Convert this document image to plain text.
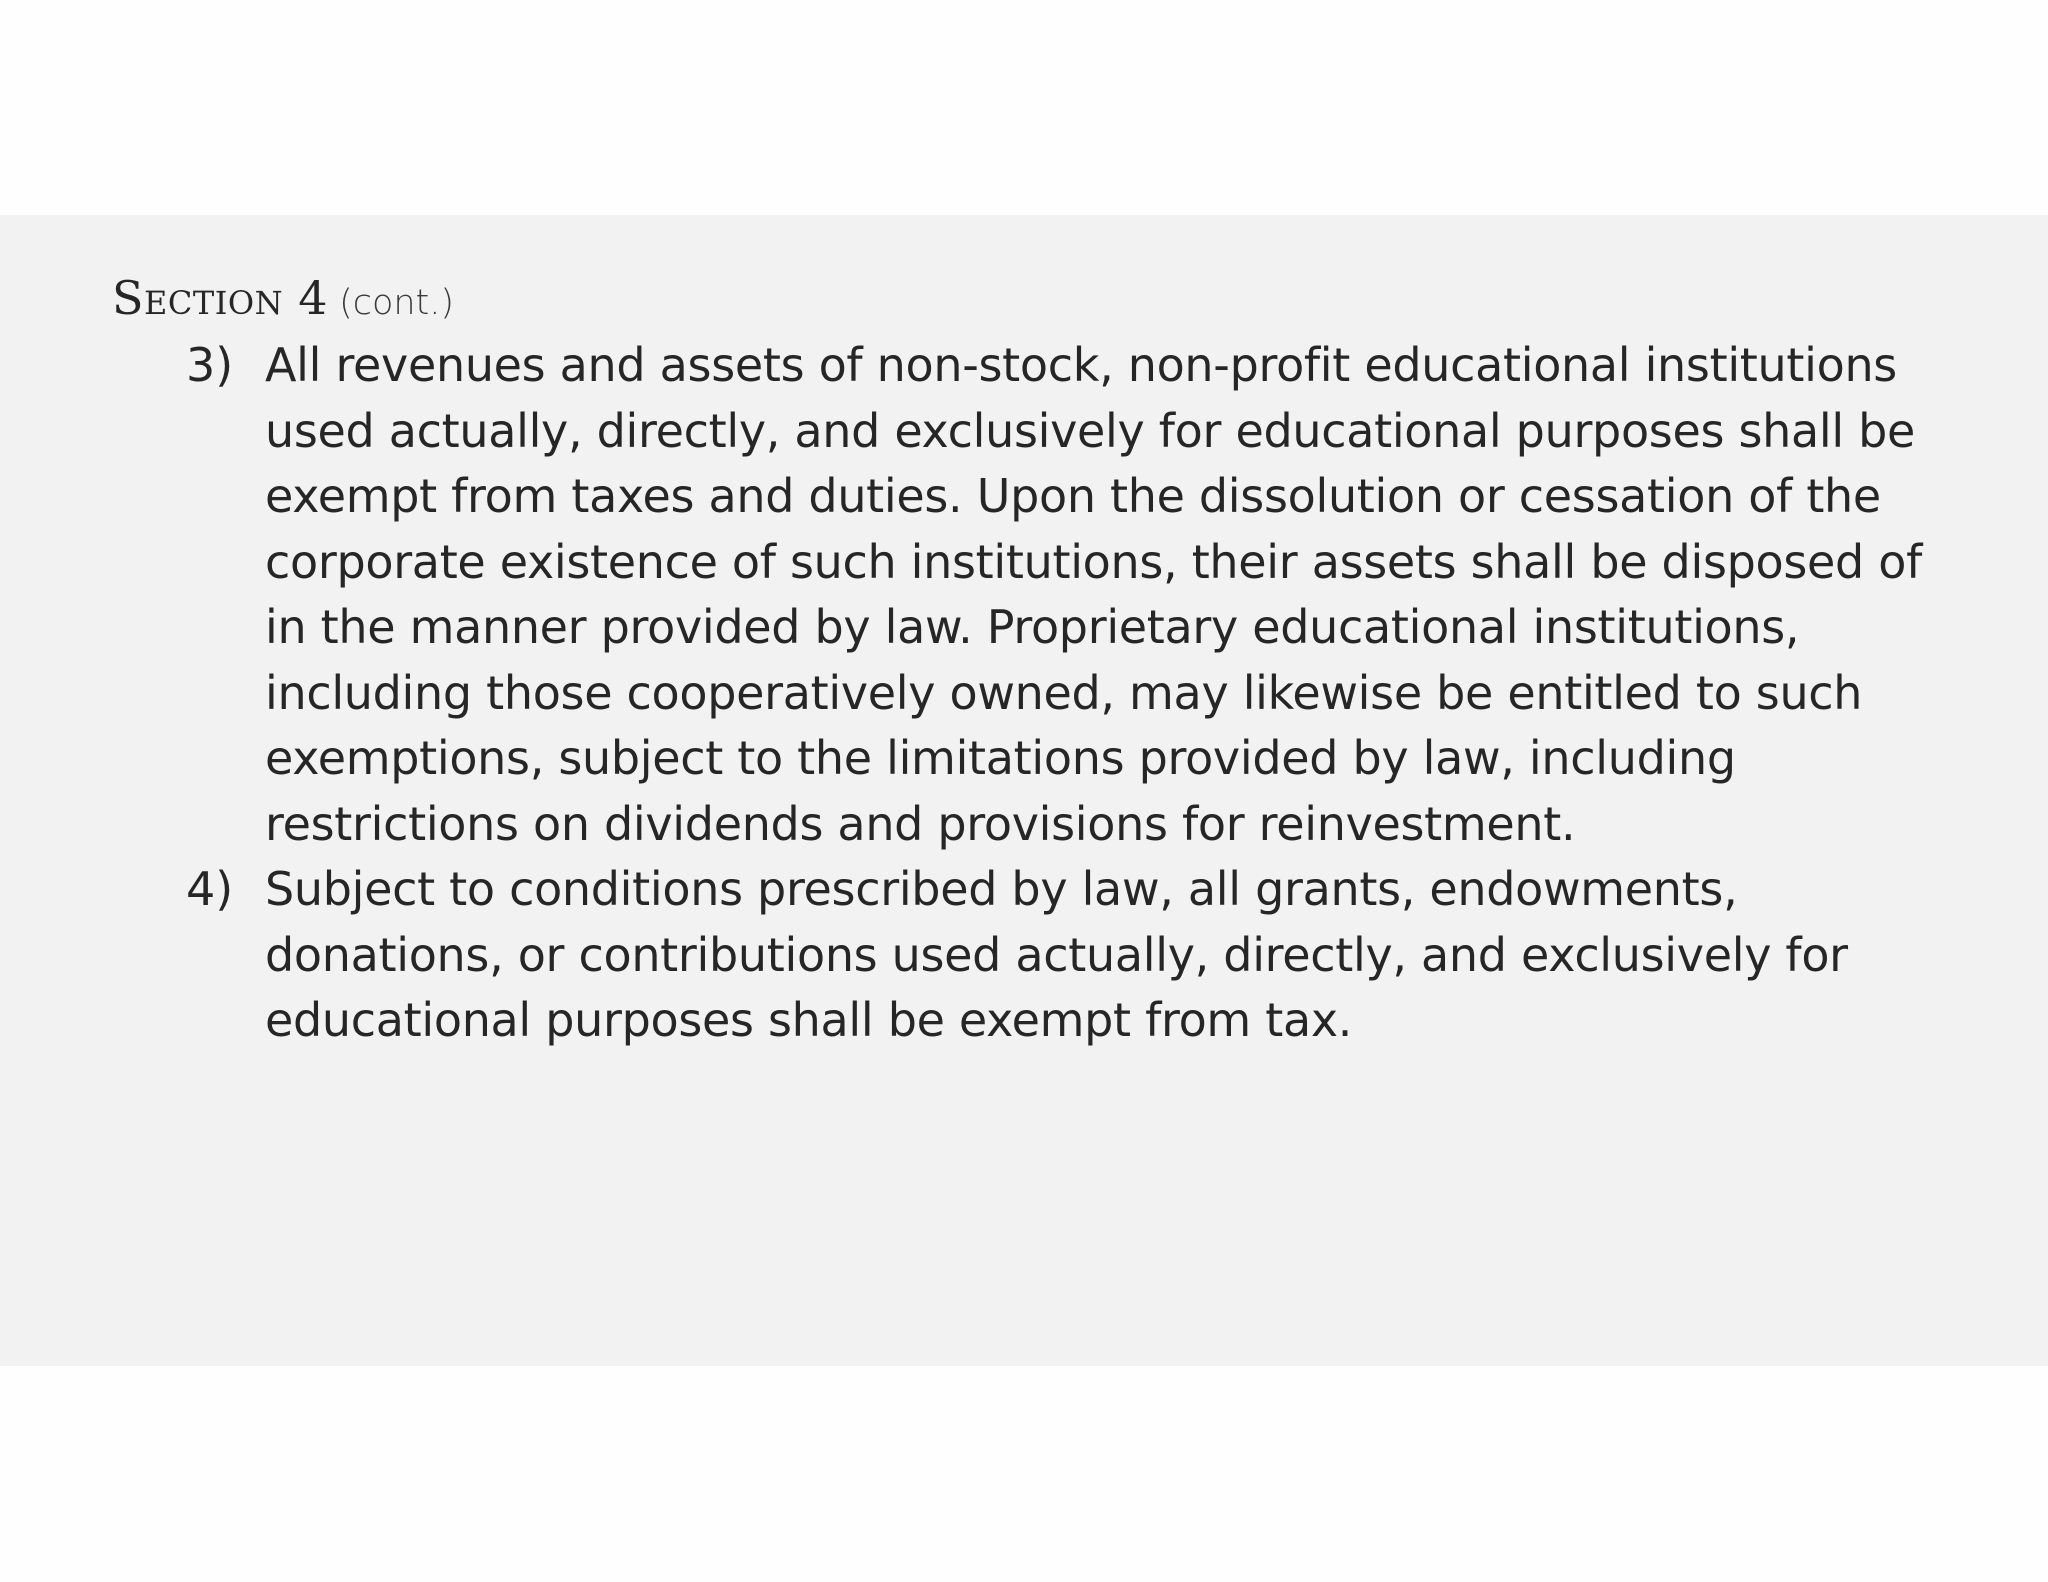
Section 4 (cont.)
3) All revenues and assets of non-stock, non-profit educational institutions used actually, directly, and exclusively for educational purposes shall be exempt from taxes and duties. Upon the dissolution or cessation of the corporate existence of such institutions, their assets shall be disposed of in the manner provided by law. Proprietary educational institutions, including those cooperatively owned, may likewise be entitled to such exemptions, subject to the limitations provided by law, including restrictions on dividends and provisions for reinvestment.
4) Subject to conditions prescribed by law, all grants, endowments, donations, or contributions used actually, directly, and exclusively for educational purposes shall be exempt from tax.
